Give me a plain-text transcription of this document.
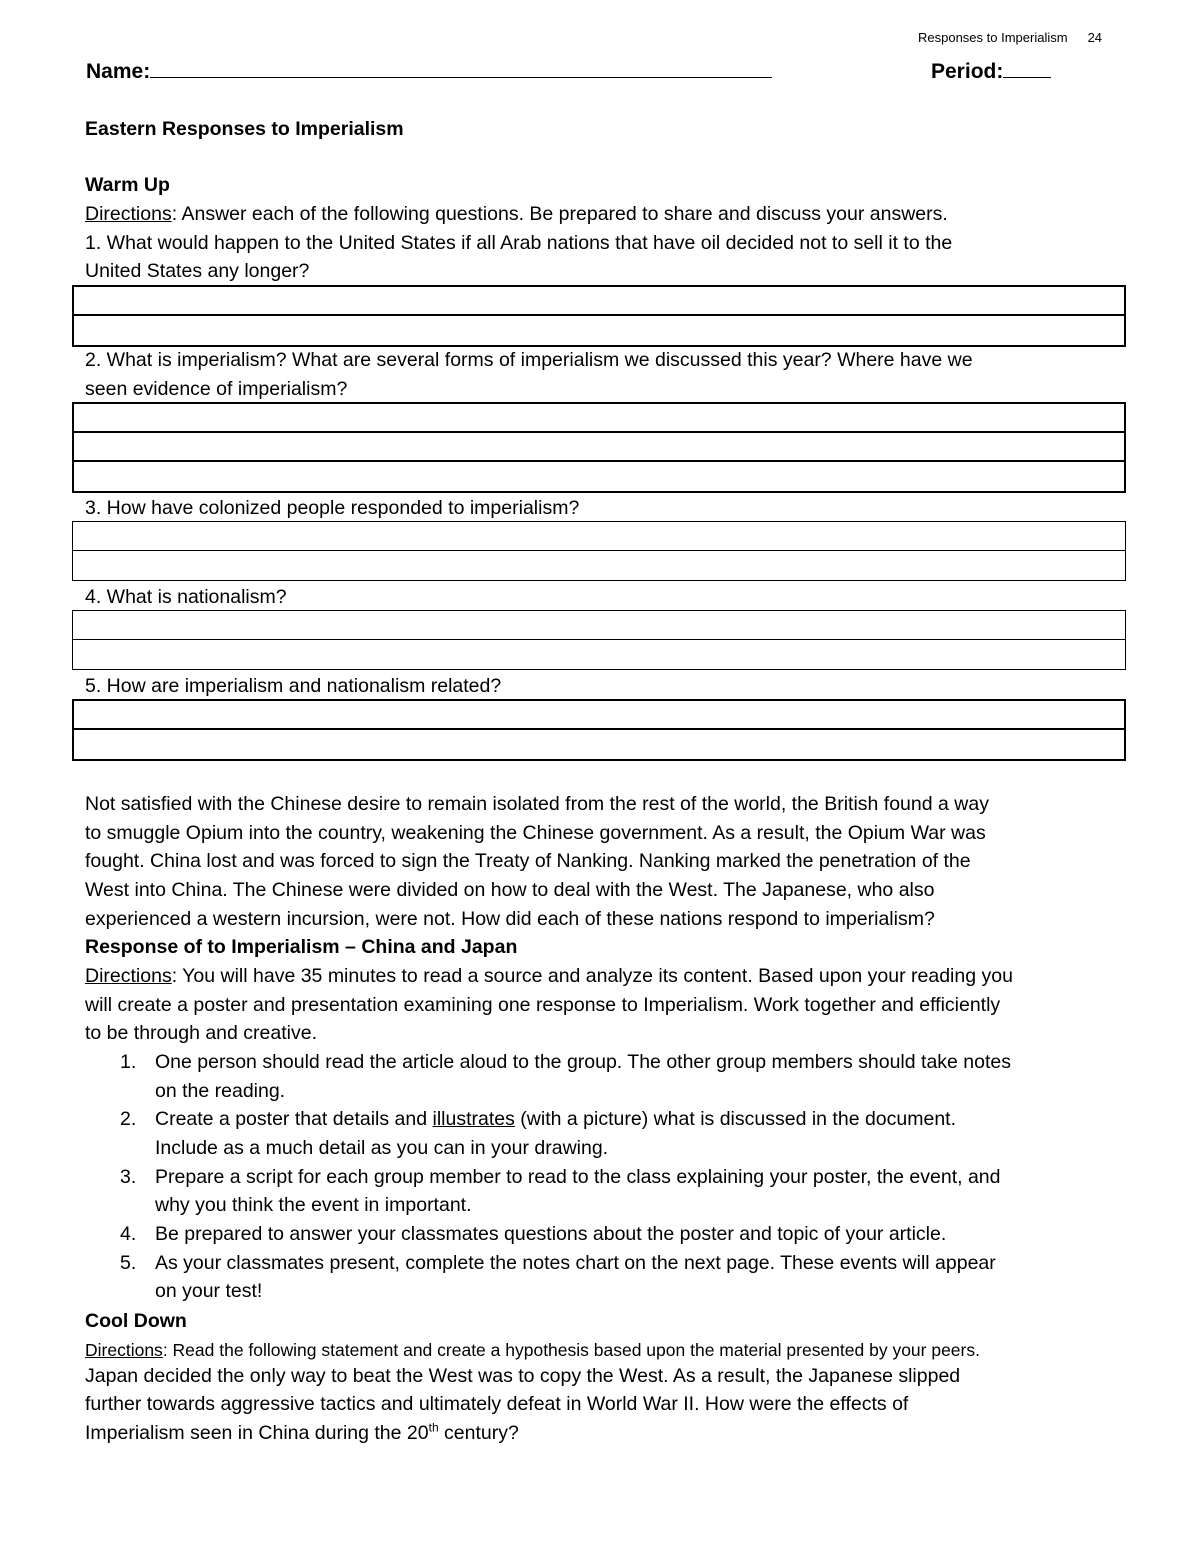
Responses to Imperialism 24
Name:	Period:
Eastern Responses to Imperialism
Warm Up
Directions: Answer each of the following questions. Be prepared to share and discuss your answers.
1. What would happen to the United States if all Arab nations that have oil decided not to sell it to the
United States any longer?
2. What is imperialism? What are several forms of imperialism we discussed this year? Where have we
seen evidence of imperialism?
3. How have colonized people responded to imperialism?
4. What is nationalism?
5. How are imperialism and nationalism related?
Not satisfied with the Chinese desire to remain isolated from the rest of the world, the British found a way
to smuggle Opium into the country, weakening the Chinese government. As a result, the Opium War was
fought. China lost and was forced to sign the Treaty of Nanking. Nanking marked the penetration of the
West into China. The Chinese were divided on how to deal with the West. The Japanese, who also
experienced a western incursion, were not. How did each of these nations respond to imperialism?
Response of to Imperialism – China and Japan
Directions: You will have 35 minutes to read a source and analyze its content. Based upon your reading you
will create a poster and presentation examining one response to Imperialism. Work together and efficiently
to be through and creative.
1. One person should read the article aloud to the group. The other group members should take notes
on the reading.
2. Create a poster that details and illustrates (with a picture) what is discussed in the document.
Include as a much detail as you can in your drawing.
3. Prepare a script for each group member to read to the class explaining your poster, the event, and
why you think the event in important.
4. Be prepared to answer your classmates questions about the poster and topic of your article.
5. As your classmates present, complete the notes chart on the next page. These events will appear
on your test!
Cool Down
Directions: Read the following statement and create a hypothesis based upon the material presented by your peers.
Japan decided the only way to beat the West was to copy the West. As a result, the Japanese slipped
further towards aggressive tactics and ultimately defeat in World War II. How were the effects of
Imperialism seen in China during the 20th century?
